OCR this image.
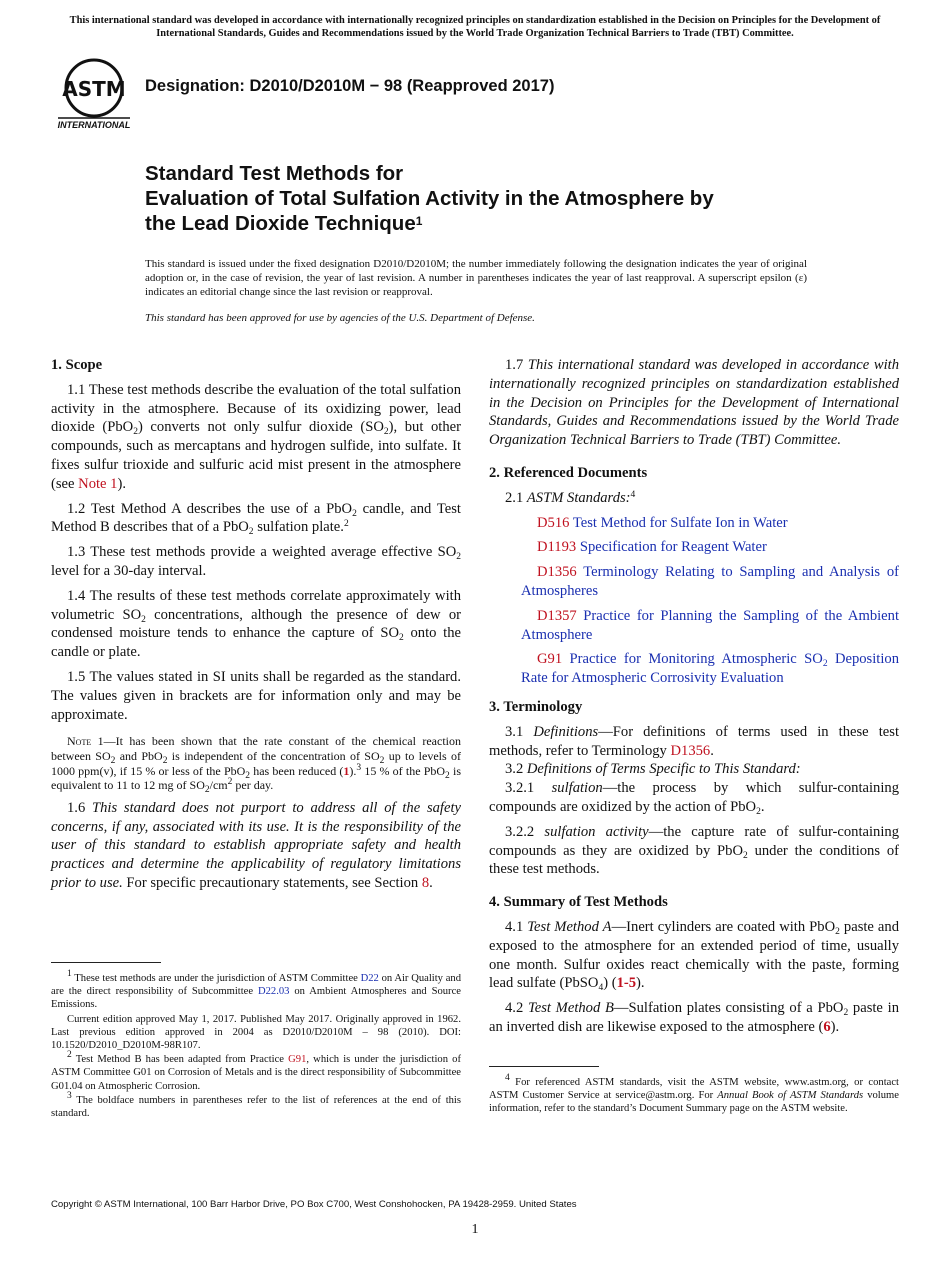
This international standard was developed in accordance with internationally recognized principles on standardization established in the Decision on Principles for the Development of International Standards, Guides and Recommendations issued by the World Trade Organization Technical Barriers to Trade (TBT) Committee.
ASTM
INTERNATIONAL
Designation: D2010/D2010M − 98 (Reapproved 2017)
Standard Test Methods for
Evaluation of Total Sulfation Activity in the Atmosphere by
the Lead Dioxide Technique$^1$
This standard is issued under the fixed designation D2010/D2010M; the number immediately following the designation indicates the year of original adoption or, in the case of revision, the year of last revision. A number in parentheses indicates the year of last reapproval. A superscript epsilon (ε) indicates an editorial change since the last revision or reapproval.
This standard has been approved for use by agencies of the U.S. Department of Defense.
1. Scope

1.1 These test methods describe the evaluation of the total sulfation activity in the atmosphere. Because of its oxidizing power, lead dioxide (PbO$_2$) converts not only sulfur dioxide $(SO_2)$, but other compounds, such as mercaptans and hydrogen sulfide, into sulfate. It fixes sulfur trioxide and sulfuric acid mist present in the atmosphere (see Note 1).

1.2 Test Method A describes the use of a PbO$_2$ candle, and Test Method B describes that of a PbO$_2$ sulfation plate.$^2$

1.3 These test methods provide a weighted average effective $SO_2$ level for a 30-day interval.

1.4 The results of these test methods correlate approximately with volumetric $SO_2$ concentrations, although the presence of dew or condensed moisture tends to enhance the capture of $SO_2$ onto the candle or plate.

1.5 The values stated in SI units shall be regarded as the standard. The values given in brackets are for information only and may be approximate.

Note 1—It has been shown that the rate constant of the chemical reaction between $SO_2$ and PbO$_2$ is independent of the concentration of $SO_2$ up to levels of 1000 ppm(v), if 15 % or less of the PbO$_2$ has been reduced (1).$^3$ 15 % of the PbO$_2$ is equivalent to 11 to 12 mg of $SO_2/cm^2$ per day.

1.6 This standard does not purport to address all of the safety concerns, if any, associated with its use. It is the responsibility of the user of this standard to establish appropriate safety and health practices and determine the applicability of regulatory limitations prior to use. For specific precautionary statements, see Section 8.

$^1$ These test methods are under the jurisdiction of ASTM Committee D22 on Air Quality and are the direct responsibility of Subcommittee D22.03 on Ambient Atmospheres and Source Emissions.

Current edition approved May 1, 2017. Published May 2017. Originally approved in 1962. Last previous edition approved in 2004 as D2010/D2010M – 98 (2010). DOI: 10.1520/D2010_D2010M-98R107.

$^2$ Test Method B has been adapted from Practice G91, which is under the jurisdiction of ASTM Committee G01 on Corrosion of Metals and is the direct responsibility of Subcommittee G01.04 on Atmospheric Corrosion.

$^3$ The boldface numbers in parentheses refer to the list of references at the end of this standard.

1.7 This international standard was developed in accordance with internationally recognized principles on standardization established in the Decision on Principles for the Development of International Standards, Guides and Recommendations issued by the World Trade Organization Technical Barriers to Trade (TBT) Committee.

2. Referenced Documents

2.1 ASTM Standards:$^4$

D516 Test Method for Sulfate Ion in Water

D1193 Specification for Reagent Water

D1356 Terminology Relating to Sampling and Analysis of Atmospheres

D1357 Practice for Planning the Sampling of the Ambient Atmosphere

G91 Practice for Monitoring Atmospheric $SO_2$ Deposition Rate for Atmospheric Corrosivity Evaluation

3. Terminology

3.1 Definitions—For definitions of terms used in these test methods, refer to Terminology D1356.

3.2 Definitions of Terms Specific to This Standard:

3.2.1 sulfation—the process by which sulfur-containing compounds are oxidized by the action of PbO$_2$.

3.2.2 sulfation activity—the capture rate of sulfur-containing compounds as they are oxidized by PbO$_2$ under the conditions of these test methods.

4. Summary of Test Methods

4.1 Test Method A—Inert cylinders are coated with PbO$_2$ paste and exposed to the atmosphere for an extended period of time, usually one month. Sulfur oxides react chemically with the paste, forming lead sulfate (PbSO$_4$) (1-5).

4.2 Test Method B—Sulfation plates consisting of a PbO$_2$ paste in an inverted dish are likewise exposed to the atmosphere (6).

$^4$ For referenced ASTM standards, visit the ASTM website, www.astm.org, or contact ASTM Customer Service at service@astm.org. For Annual Book of ASTM Standards volume information, refer to the standard’s Document Summary page on the ASTM website.

Copyright © ASTM International, 100 Barr Harbor Drive, PO Box C700, West Conshohocken, PA 19428-2959. United States
1
